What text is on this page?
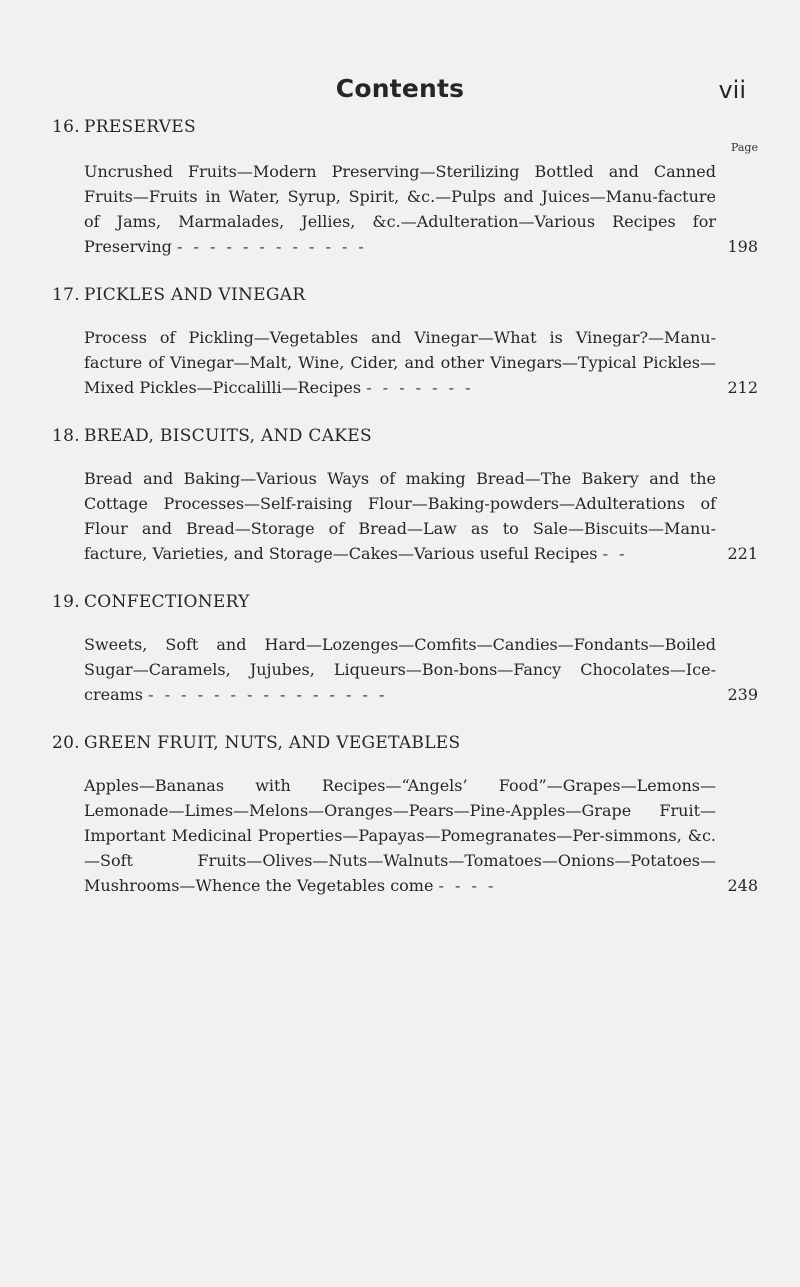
Contents	vii
16. PRESERVES
Page
Uncrushed Fruits—Modern Preserving—Sterilizing Bottled and Canned Fruits—Fruits in Water, Syrup, Spirit, &c.—Pulps and Juices—Manu-facture of Jams, Marmalades, Jellies, &c.—Adulteration—Various Recipes for Preserving - - - - - - - - - - - -	198
17. PICKLES AND VINEGAR
Process of Pickling—Vegetables and Vinegar—What is Vinegar?—Manu-facture of Vinegar—Malt, Wine, Cider, and other Vinegars—Typical Pickles—Mixed Pickles—Piccalilli—Recipes - - - - - - -	212
18. BREAD, BISCUITS, AND CAKES
Bread and Baking—Various Ways of making Bread—The Bakery and the Cottage Processes—Self-raising Flour—Baking-powders—Adulterations of Flour and Bread—Storage of Bread—Law as to Sale—Biscuits—Manu-facture, Varieties, and Storage—Cakes—Various useful Recipes - -	221
19. CONFECTIONERY
Sweets, Soft and Hard—Lozenges—Comfits—Candies—Fondants—Boiled Sugar—Caramels, Jujubes, Liqueurs—Bon-bons—Fancy Chocolates—Ice-creams - - - - - - - - - - - - - - -	239
20. GREEN FRUIT, NUTS, AND VEGETABLES
Apples—Bananas with Recipes—“Angels’ Food”—Grapes—Lemons—Lemonade—Limes—Melons—Oranges—Pears—Pine-Apples—Grape Fruit—Important Medicinal Properties—Papayas—Pomegranates—Per-simmons, &c.—Soft Fruits—Olives—Nuts—Walnuts—Tomatoes—Onions—Potatoes—Mushrooms—Whence the Vegetables come - - - -	248
